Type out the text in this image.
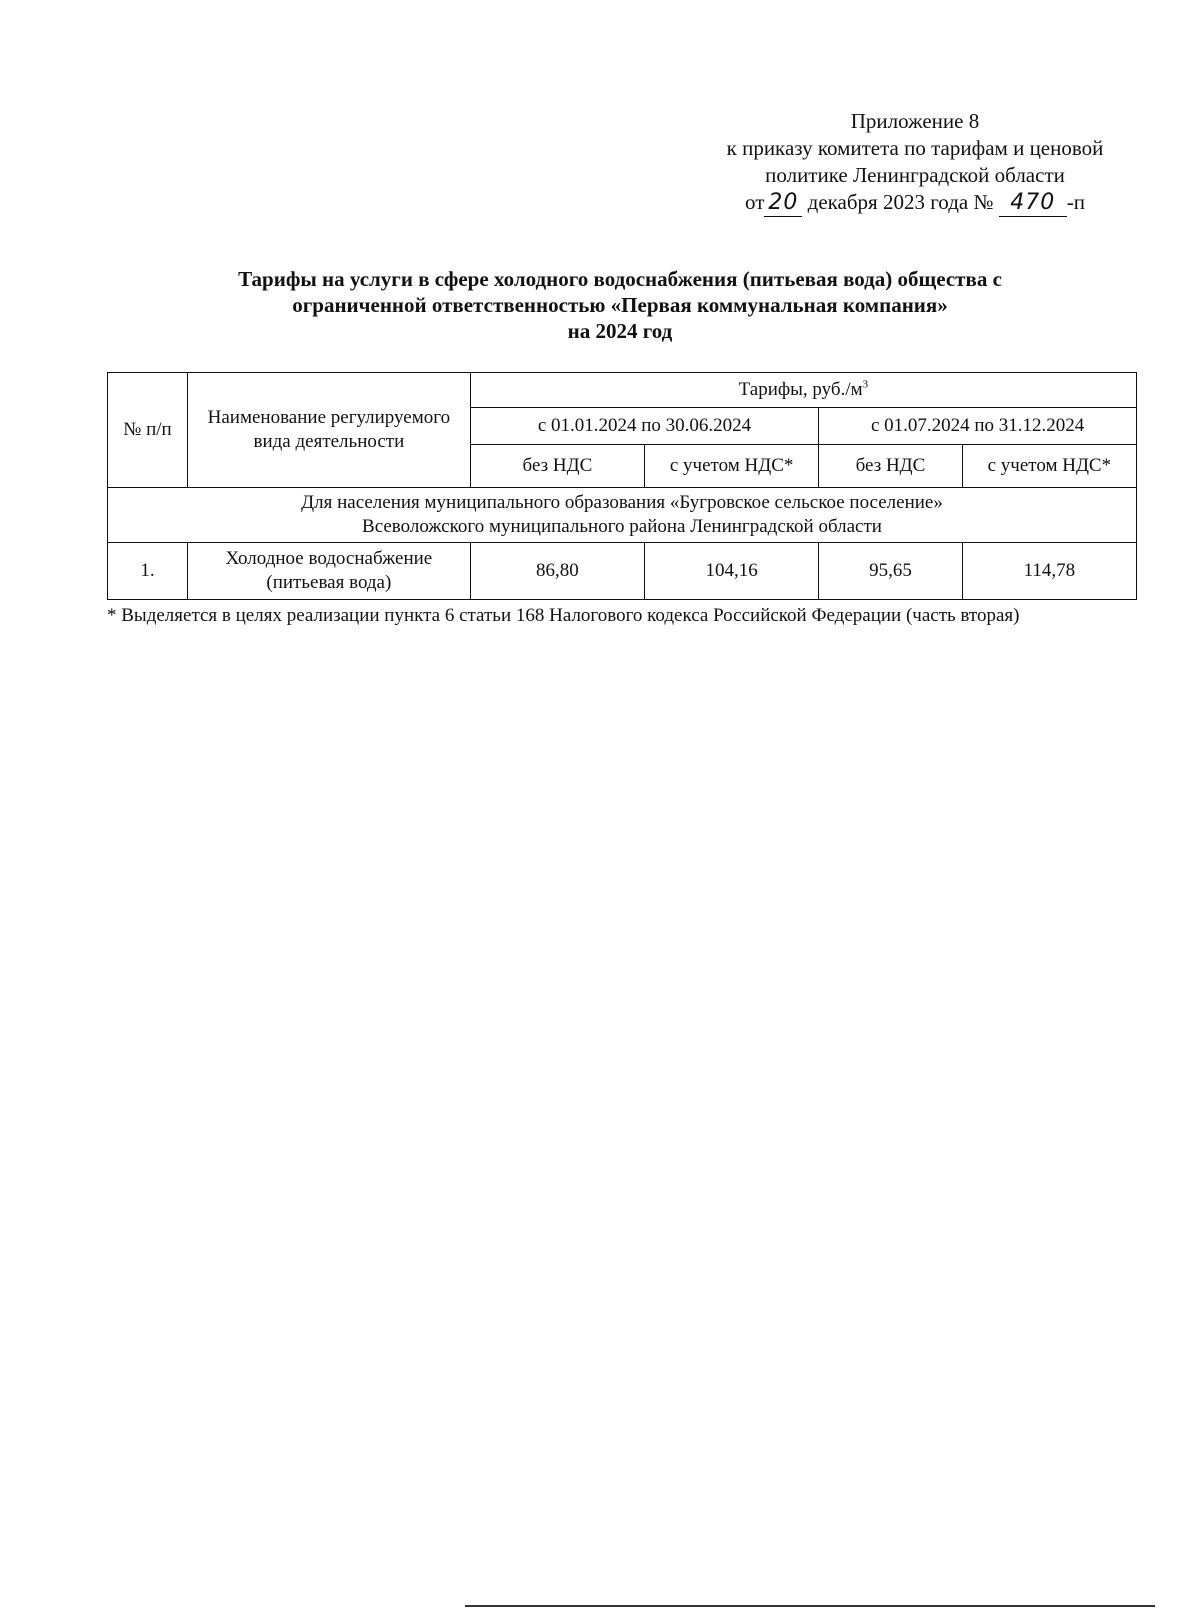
Приложение 8
к приказу комитета по тарифам и ценовой
политике Ленинградской области
от 20 декабря 2023 года № 470 -п
Тарифы на услуги в сфере холодного водоснабжения (питьевая вода) общества с
ограниченной ответственностью «Первая коммунальная компания»
на 2024 год
№ п/п	Наименование регулируемого вида деятельности	Тарифы, $руб./м^3$
		с 01.01.2024 по 30.06.2024		с 01.07.2024 по 31.12.2024	
		без НДС	с учетом НДС*	без НДС	с учетом НДС*

Для населения муниципального образования «Бугровское сельское поселение»
Всеволожского муниципального района Ленинградской области					

1.	Холодное водоснабжение (питьевая вода)	86,80	104,16	95,65	114,78
* Выделяется в целях реализации пункта 6 статьи 168 Налогового кодекса Российской Федерации (часть вторая)
